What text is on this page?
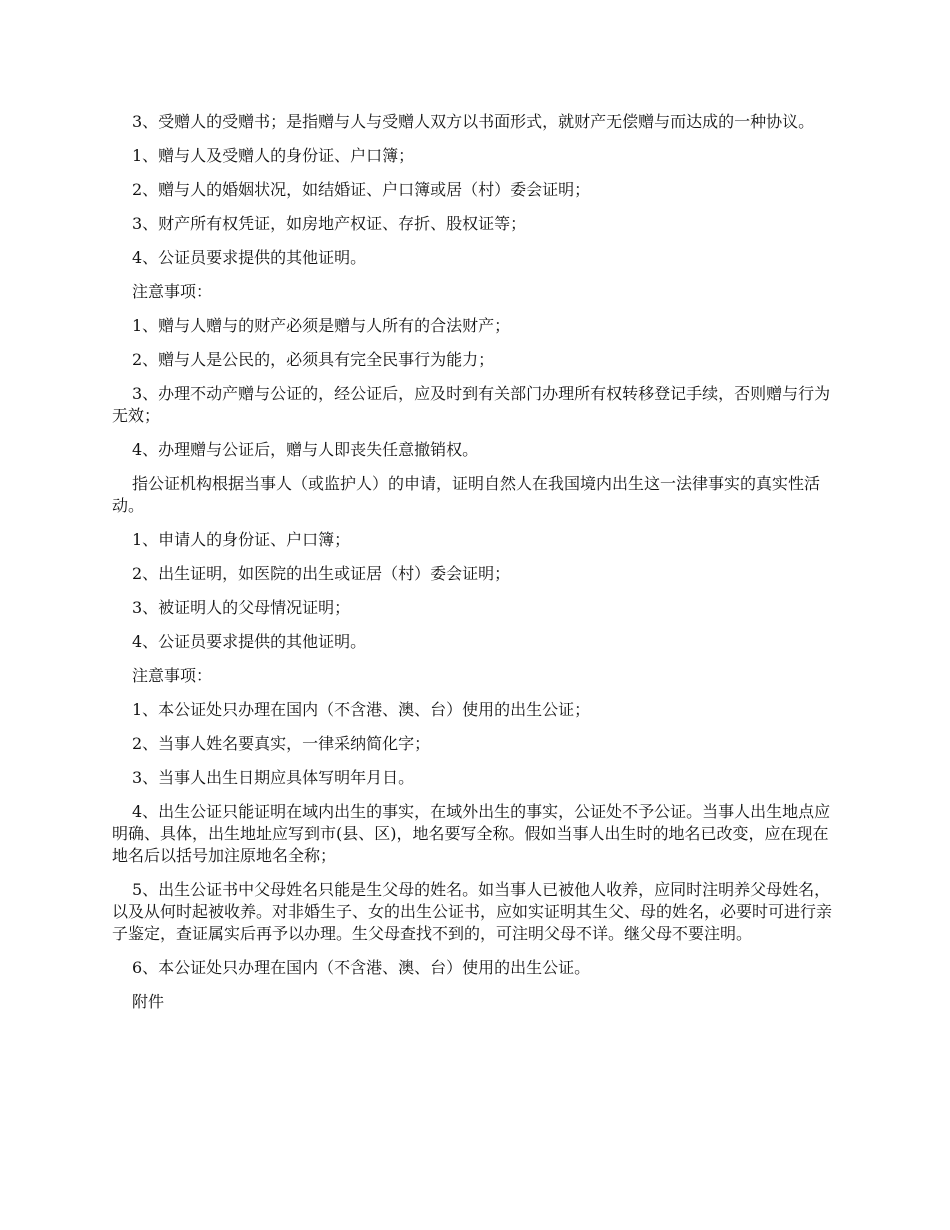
3、受赠人的受赠书；是指赠与人与受赠人双方以书面形式，就财产无偿赠与而达成的一种协议。

1、赠与人及受赠人的身份证、户口簿；

2、赠与人的婚姻状况，如结婚证、户口簿或居（村）委会证明；

3、财产所有权凭证，如房地产权证、存折、股权证等；

4、公证员要求提供的其他证明。

注意事项：

1、赠与人赠与的财产必须是赠与人所有的合法财产；

2、赠与人是公民的，必须具有完全民事行为能力；

3、办理不动产赠与公证的，经公证后，应及时到有关部门办理所有权转移登记手续，否则赠与行为无效；

4、办理赠与公证后，赠与人即丧失任意撤销权。

指公证机构根据当事人（或监护人）的申请，证明自然人在我国境内出生这一法律事实的真实性活动。

1、申请人的身份证、户口簿；

2、出生证明，如医院的出生或证居（村）委会证明；

3、被证明人的父母情况证明；

4、公证员要求提供的其他证明。

注意事项：

1、本公证处只办理在国内（不含港、澳、台）使用的出生公证；

2、当事人姓名要真实，一律采纳简化字；

3、当事人出生日期应具体写明年月日。

4、出生公证只能证明在域内出生的事实，在域外出生的事实，公证处不予公证。当事人出生地点应明确、具体，出生地址应写到市(县、区)，地名要写全称。假如当事人出生时的地名已改变，应在现在地名后以括号加注原地名全称；

5、出生公证书中父母姓名只能是生父母的姓名。如当事人已被他人收养，应同时注明养父母姓名，以及从何时起被收养。对非婚生子、女的出生公证书，应如实证明其生父、母的姓名，必要时可进行亲子鉴定，查证属实后再予以办理。生父母查找不到的，可注明父母不详。继父母不要注明。

6、本公证处只办理在国内（不含港、澳、台）使用的出生公证。

附件
